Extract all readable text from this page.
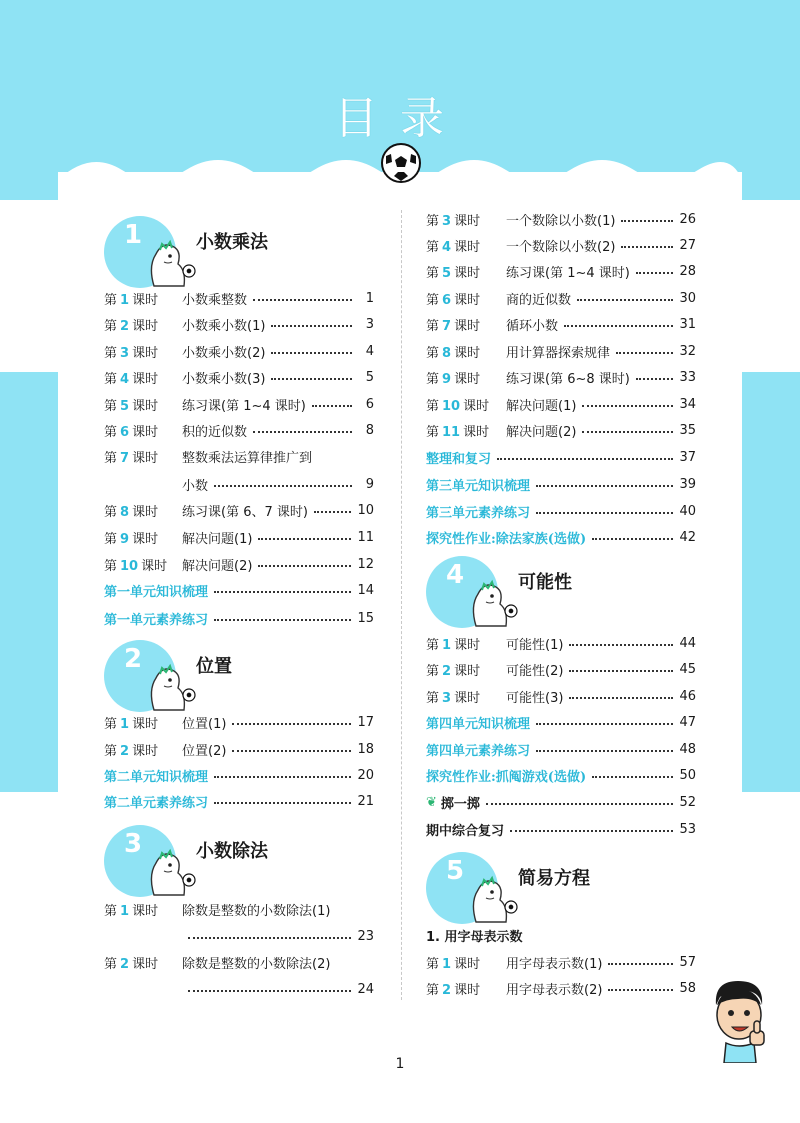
目录
1	小数乘法
2	位置
3	小数除法
第 1 课时	小数乘整数	1
第 2 课时	小数乘小数(1)	3
第 3 课时	小数乘小数(2)	4
第 4 课时	小数乘小数(3)	5
第 5 课时	练习课(第 1~4 课时)	6
第 6 课时	积的近似数	8
第 7 课时	整数乘法运算律推广到
小数	9
第 8 课时	练习课(第 6、7 课时)	10
第 9 课时	解决问题(1)	11
第 10 课时	解决问题(2)	12
第一单元知识梳理	14
第一单元素养练习	15
第 1 课时	位置(1)	17
第 2 课时	位置(2)	18
第二单元知识梳理	20
第二单元素养练习	21
第 1 课时	除数是整数的小数除法(1)
23
第 2 课时	除数是整数的小数除法(2)
24
4	可能性
5	简易方程
第 3 课时	一个数除以小数(1)	26
第 4 课时	一个数除以小数(2)	27
第 5 课时	练习课(第 1~4 课时)	28
第 6 课时	商的近似数	30
第 7 课时	循环小数	31
第 8 课时	用计算器探索规律	32
第 9 课时	练习课(第 6~8 课时)	33
第 10 课时	解决问题(1)	34
第 11 课时	解决问题(2)	35
整理和复习	37
第三单元知识梳理	39
第三单元素养练习	40
探究性作业:除法家族(选做)	42
第 1 课时	可能性(1)	44
第 2 课时	可能性(2)	45
第 3 课时	可能性(3)	46
第四单元知识梳理	47
第四单元素养练习	48
探究性作业:抓阄游戏(选做)	50
❦ 掷一掷	52
期中综合复习	53
1. 用字母表示数
第 1 课时	用字母表示数(1)	57
第 2 课时	用字母表示数(2)	58
1
